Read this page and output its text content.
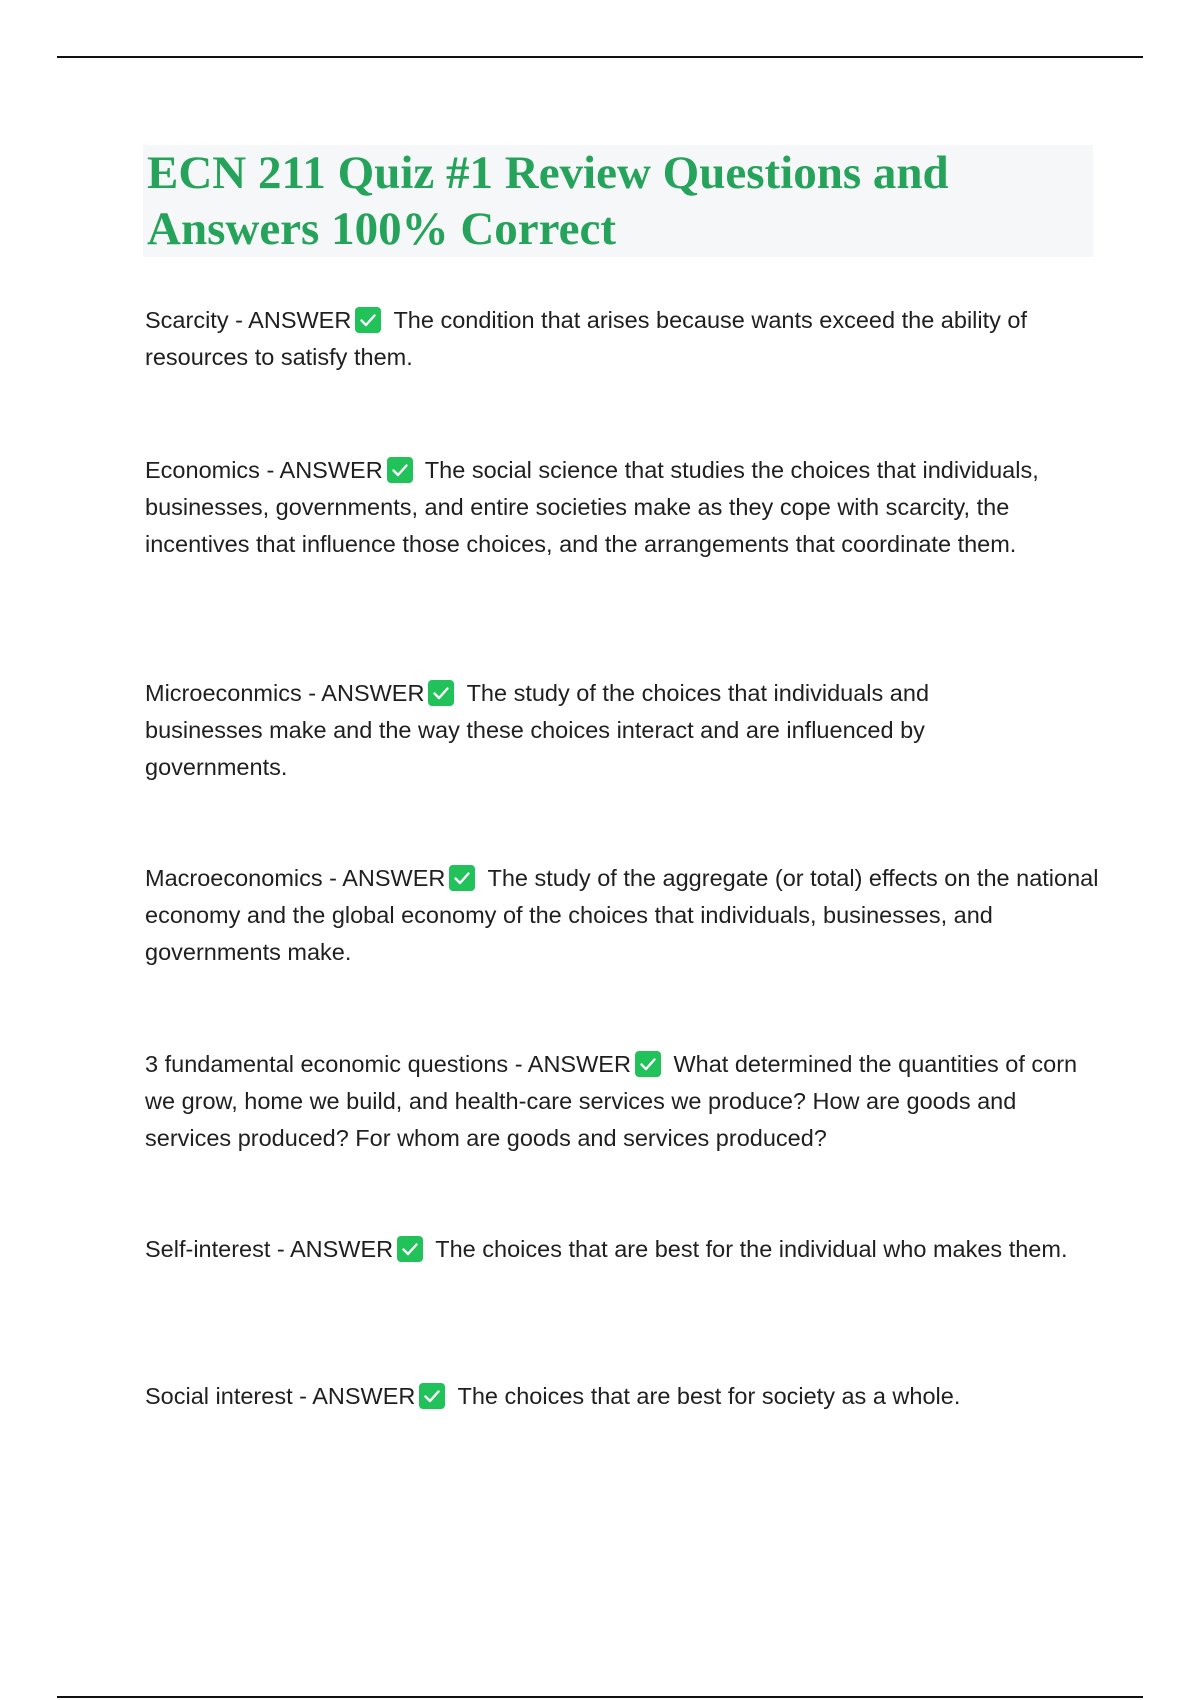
ECN 211 Quiz #1 Review Questions and Answers 100% Correct

Scarcity - ANSWER The condition that arises because wants exceed the ability of resources to satisfy them.

Economics - ANSWER The social science that studies the choices that individuals, businesses, governments, and entire societies make as they cope with scarcity, the incentives that influence those choices, and the arrangements that coordinate them.

Microeconmics - ANSWER The study of the choices that individuals and businesses make and the way these choices interact and are influenced by governments.

Macroeconomics - ANSWER The study of the aggregate (or total) effects on the national economy and the global economy of the choices that individuals, businesses, and governments make.

3 fundamental economic questions - ANSWER What determined the quantities of corn we grow, home we build, and health-care services we produce? How are goods and services produced? For whom are goods and services produced?

Self-interest - ANSWER The choices that are best for the individual who makes them.

Social interest - ANSWER The choices that are best for society as a whole.
